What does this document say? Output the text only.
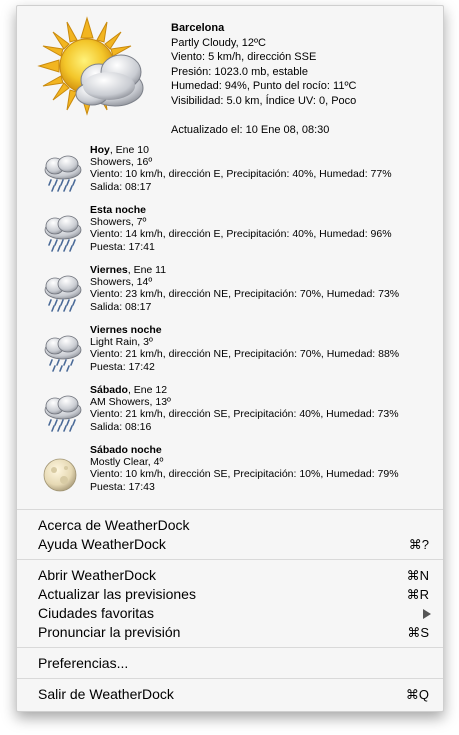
Barcelona
Partly Cloudy, 12ºC
Viento: 5 km/h, dirección SSE
Presión: 1023.0 mb, estable
Humedad: 94%, Punto del rocío: 11ºC
Visibilidad: 5.0 km, Índice UV: 0, Poco
Actualizado el: 10 Ene 08, 08:30
Hoy, Ene 10
Showers, 16º
Viento: 10 km/h, dirección E, Precipitación: 40%, Humedad: 77%
Salida: 08:17
Esta noche
Showers, 7º
Viento: 14 km/h, dirección E, Precipitación: 40%, Humedad: 96%
Puesta: 17:41
Viernes, Ene 11
Showers, 14º
Viento: 23 km/h, dirección NE, Precipitación: 70%, Humedad: 73%
Salida: 08:17
Viernes noche
Light Rain, 3º
Viento: 21 km/h, dirección NE, Precipitación: 70%, Humedad: 88%
Puesta: 17:42
Sábado, Ene 12
AM Showers, 13º
Viento: 21 km/h, dirección SE, Precipitación: 40%, Humedad: 73%
Salida: 08:16
Sábado noche
Mostly Clear, 4º
Viento: 10 km/h, dirección SE, Precipitación: 10%, Humedad: 79%
Puesta: 17:43
Acerca de WeatherDock
Ayuda WeatherDock	⌘?
Abrir WeatherDock	⌘N
Actualizar las previsiones	⌘R
Ciudades favoritas
Pronunciar la previsión	⌘S
Preferencias...
Salir de WeatherDock	⌘Q
